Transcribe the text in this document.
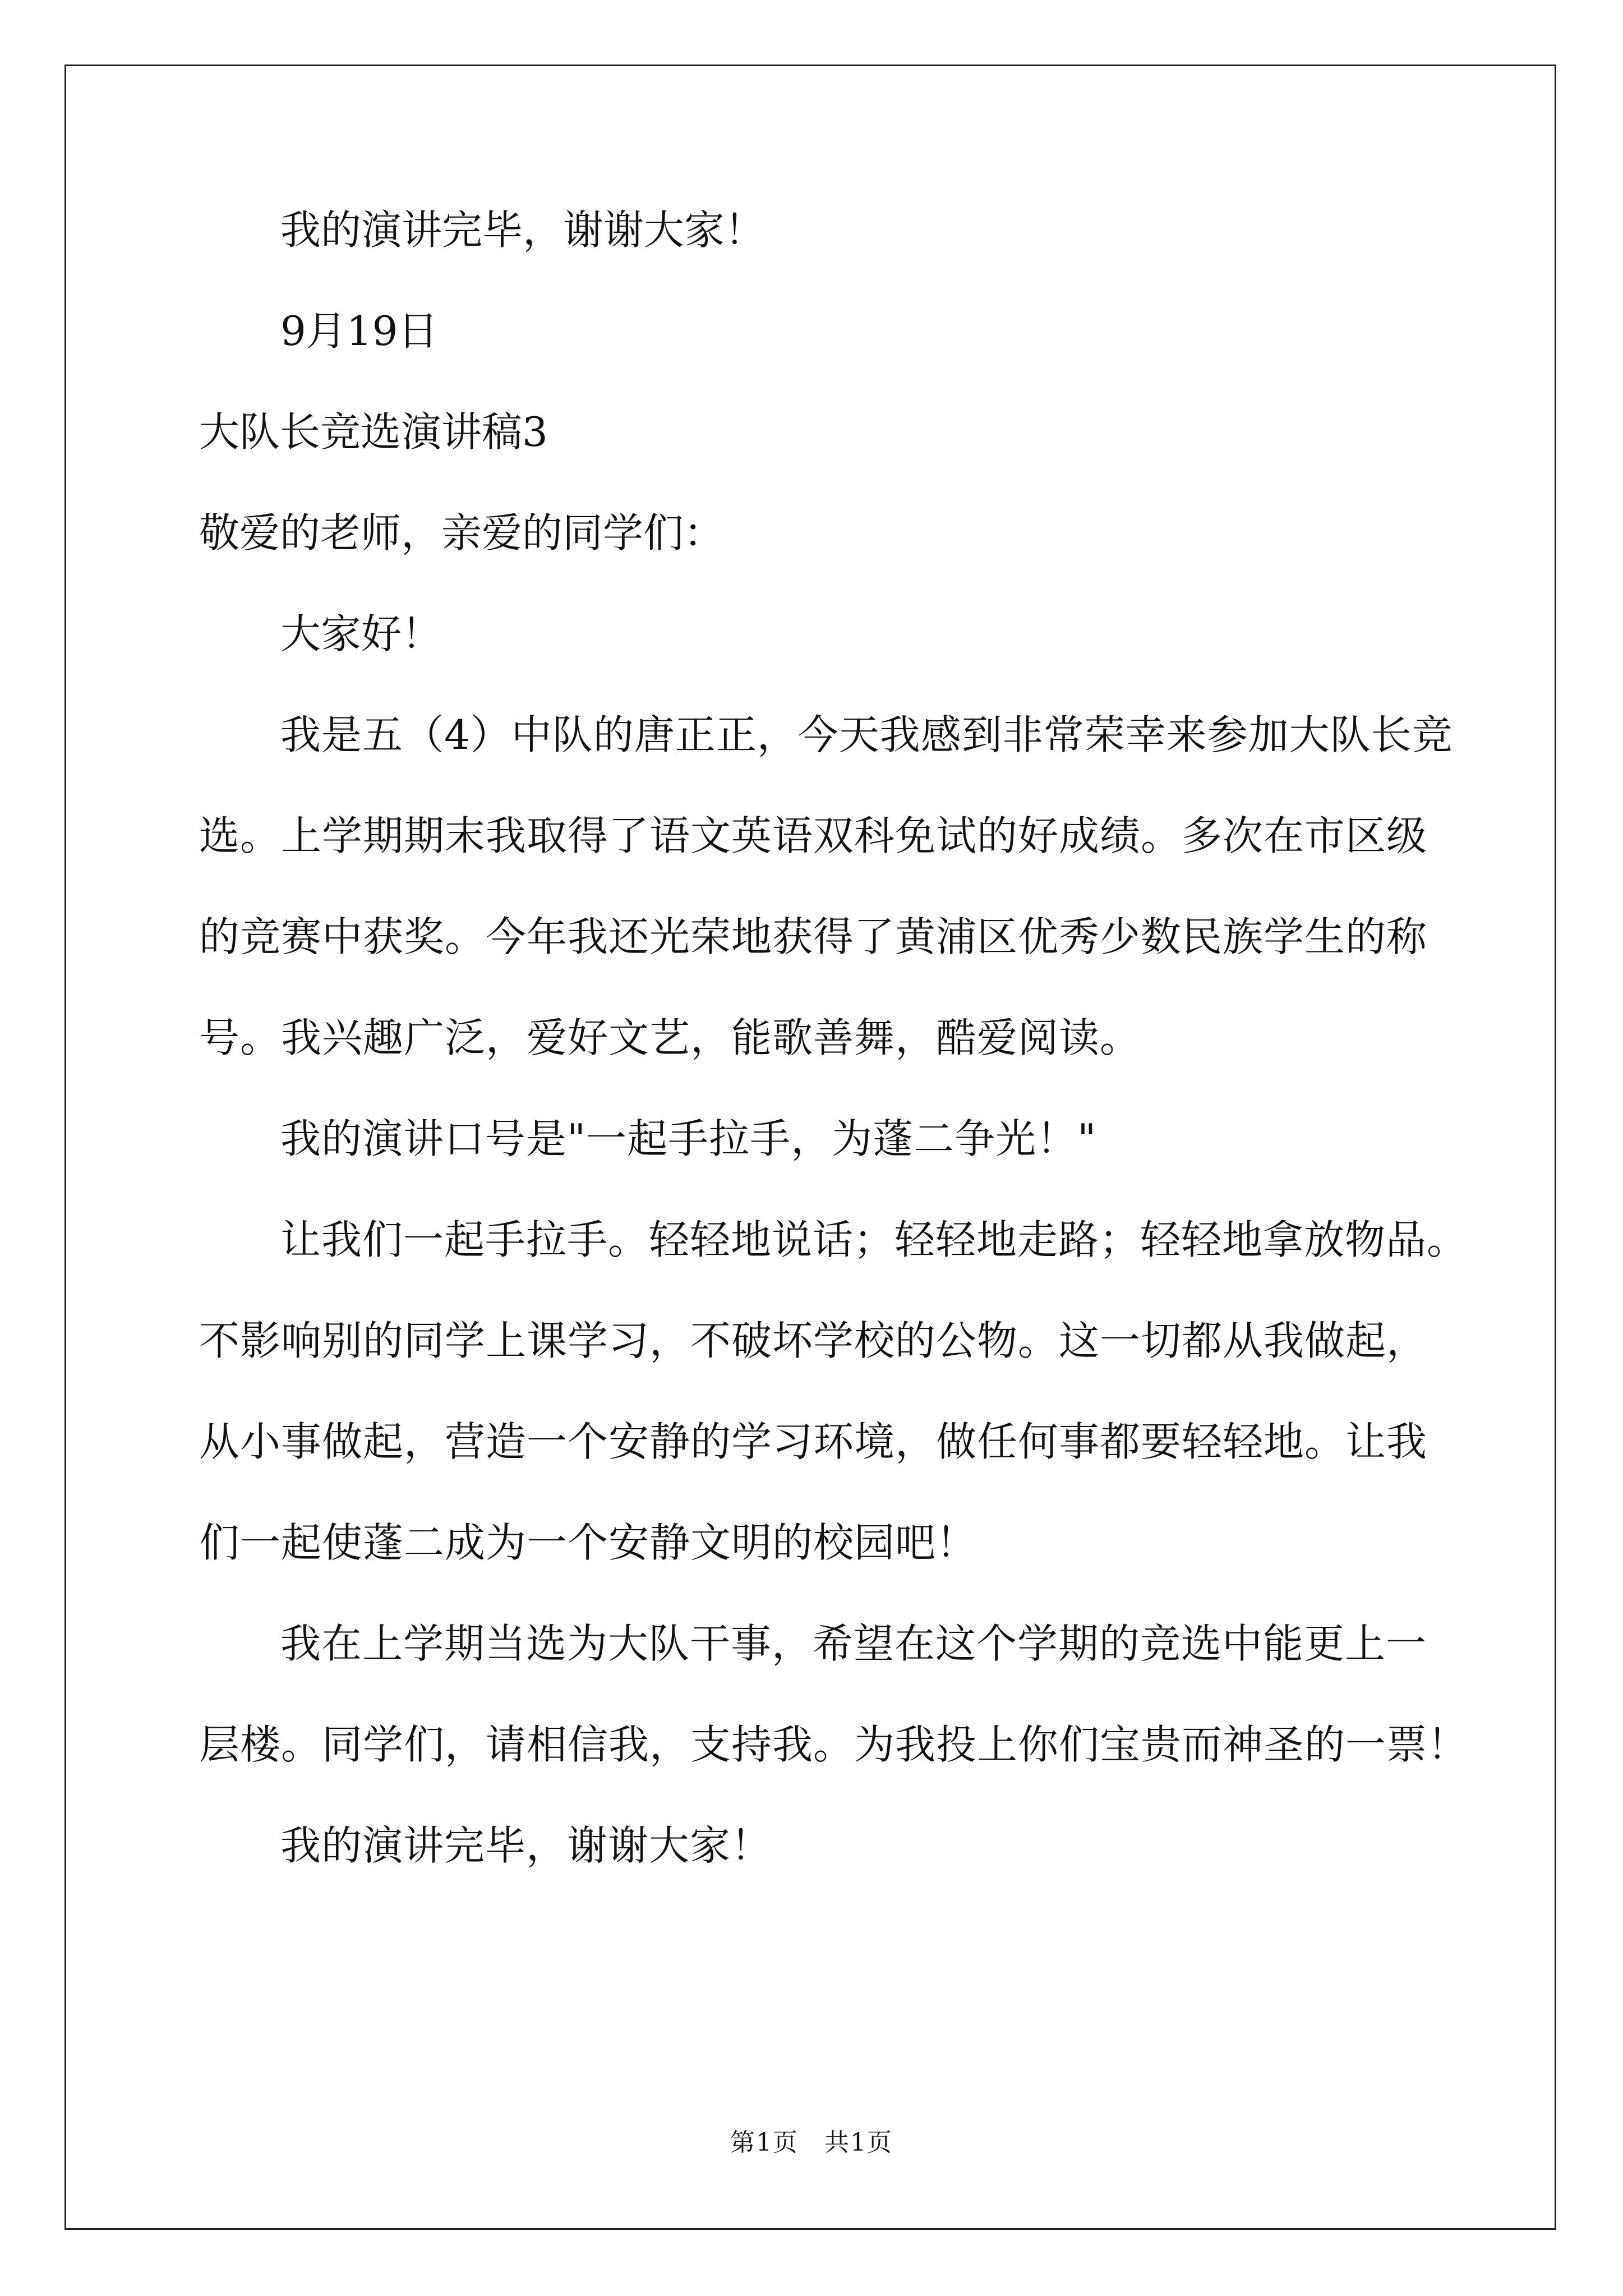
我的演讲完毕，谢谢大家！

9月19日

大队长竞选演讲稿3

敬爱的老师，亲爱的同学们：

大家好！

我是五（4）中队的唐正正，今天我感到非常荣幸来参加大队长竞
选。上学期期末我取得了语文英语双科免试的好成绩。多次在市区级
的竞赛中获奖。今年我还光荣地获得了黄浦区优秀少数民族学生的称
号。我兴趣广泛，爱好文艺，能歌善舞，酷爱阅读。
我的演讲口号是"一起手拉手，为蓬二争光！"
让我们一起手拉手。轻轻地说话；轻轻地走路；轻轻地拿放物品。
不影响别的同学上课学习，不破坏学校的公物。这一切都从我做起，
从小事做起，营造一个安静的学习环境，做任何事都要轻轻地。让我
们一起使蓬二成为一个安静文明的校园吧！
我在上学期当选为大队干事，希望在这个学期的竞选中能更上一
层楼。同学们，请相信我，支持我。为我投上你们宝贵而神圣的一票！
我的演讲完毕，谢谢大家！
第1页　共1页
